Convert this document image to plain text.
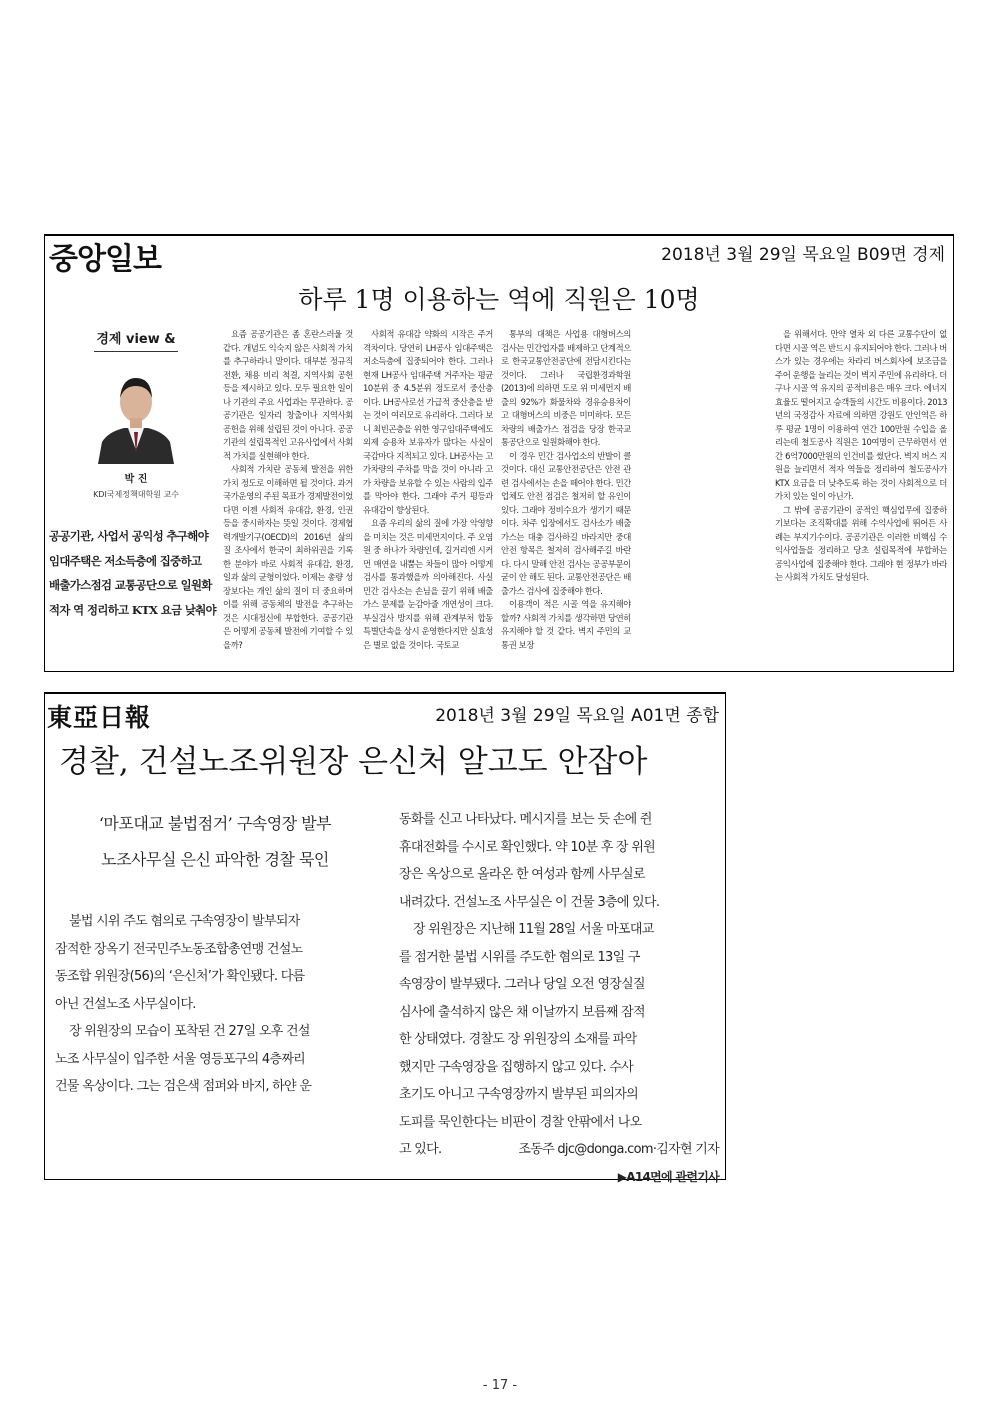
중앙일보	2018년 3월 29일 목요일 B09면 경제
하루 1명 이용하는 역에 직원은 10명
경제 view &
박 진
KDI국제정책대학원 교수
공공기관, 사업서 공익성 추구해야
임대주택은 저소득층에 집중하고
배출가스점검 교통공단으로 일원화
적자 역 정리하고 KTX 요금 낮춰야

요즘 공공기관은 좀 혼란스러울 것 같다. 개념도 익숙지 않은 사회적 가치를 추구하라니 말이다. 대부분 정규직 전환, 채용 비리 척결, 지역사회 공헌 등을 제시하고 있다. 모두 필요한 일이나 기관의 주요 사업과는 무관하다. 공공기관은 일자리 창출이나 지역사회 공헌을 위해 설립된 것이 아니다. 공공기관의 설립목적인 고유사업에서 사회적 가치를 실현해야 한다.

사회적 가치란 공동체 발전을 위한 가치 정도로 이해하면 될 것이다. 과거 국가운영의 주된 목표가 경제발전이었다면 이젠 사회적 유대감, 환경, 인권 등을 중시하자는 뜻일 것이다. 경제협력개발기구(OECD)의 2016년 삶의 질 조사에서 한국이 최하위권을 기록한 분야가 바로 사회적 유대감, 환경, 일과 삶의 균형이었다. 이제는 총량 성장보다는 개인 삶의 질이 더 중요하며 이를 위해 공동체의 발전을 추구하는 것은 시대정신에 부합한다. 공공기관은 어떻게 공동체 발전에 기여할 수 있을까?

사회적 유대감 약화의 시작은 주거격차이다. 당연히 LH공사 임대주택은 저소득층에 집중되어야 한다. 그러나 현재 LH공사 임대주택 거주자는 평균 10분위 중 4.5분위 정도로서 중산층이다. LH공사로선 가급적 중산층을 받는 것이 여러모로 유리하다. 그러다 보니 최빈곤층을 위한 영구임대주택에도 외제 승용차 보유자가 많다는 사실이 국감마다 지적되고 있다. LH공사는 고가차량의 주차를 막을 것이 아니라 고가 차량을 보유할 수 있는 사람의 입주를 막아야 한다. 그래야 주거 평등과 유대감이 향상된다.

요즘 우리의 삶의 질에 가장 악영향을 미치는 것은 미세먼지이다. 주 오염원 중 하나가 차량인데, 길거리엔 시커먼 매연을 내뿜는 차들이 많아 어떻게 검사를 통과했을까 의아해진다. 사실 민간 검사소는 손님을 끌기 위해 배출가스 문제를 눈감아줄 개연성이 크다. 부실검사 방지를 위해 관계부처 합동 특별단속을 상시 운영한다지만 실효성은 별로 없을 것이다. 국토교

통부의 대책은 사업용 대형버스의 검사는 민간업자를 배제하고 단계적으로 한국교통안전공단에 전담시킨다는 것이다. 그러나 국립환경과학원(2013)에 의하면 도로 위 미세먼지 배출의 92%가 화물차와 경유승용차이고 대형버스의 비중은 미미하다. 모든 차량의 배출가스 점검을 당장 한국교통공단으로 일원화해야 한다.

이 경우 민간 검사업소의 반발이 클 것이다. 대신 교통안전공단은 안전 관련 검사에서는 손을 떼어야 한다. 민간업체도 안전 점검은 철저히 할 유인이 있다. 그래야 정비수요가 생기기 때문이다. 차주 입장에서도 검사소가 배출가스는 대충 검사하길 바라지만 중대 안전 항목은 철저히 검사해주길 바란다. 다시 말해 안전 검사는 공공부문이 굳이 안 해도 된다. 교통안전공단은 배출가스 검사에 집중해야 한다.

이용객이 적은 시골 역을 유지해야 할까? 사회적 가치를 생각하면 당연히 유지해야 할 것 같다. 벽지 주민의 교통권 보장

을 위해서다. 만약 열차 외 다른 교통수단이 없다면 시골 역은 반드시 유지되어야 한다. 그러나 버스가 있는 경우에는 차라리 버스회사에 보조금을 주어 운행을 늘리는 것이 벽지 주민에 유리하다. 더구나 시골 역 유지의 공적비용은 매우 크다. 에너지 효율도 떨어지고 승객들의 시간도 비용이다. 2013년의 국정감사 자료에 의하면 강원도 안인역은 하루 평균 1명이 이용하여 연간 100만원 수입을 올리는데 철도공사 직원은 10여명이 근무하면서 연간 6억7000만원의 인건비를 썼단다. 벽지 버스 지원을 늘리면서 적자 역들을 정리하여 철도공사가 KTX 요금을 더 낮추도록 하는 것이 사회적으로 더 가치 있는 일이 아닌가.

그 밖에 공공기관이 공적인 핵심업무에 집중하기보다는 조직확대를 위해 수익사업에 뛰어든 사례는 부지기수이다. 공공기관은 이러한 비핵심 수익사업들을 정리하고 당초 설립목적에 부합하는 공익사업에 집중해야 한다. 그래야 현 정부가 바라는 사회적 가치도 달성된다.

東亞日報	2018년 3월 29일 목요일 A01면 종합
경찰, 건설노조위원장 은신처 알고도 안잡아
‘마포대교 불법점거’ 구속영장 발부
노조사무실 은신 파악한 경찰 묵인
불법 시위 주도 혐의로 구속영장이 발부되자
잠적한 장옥기 전국민주노동조합총연맹 건설노
동조합 위원장(56)의 ‘은신처’가 확인됐다. 다름
아닌 건설노조 사무실이다.
장 위원장의 모습이 포착된 건 27일 오후 건설
노조 사무실이 입주한 서울 영등포구의 4층짜리
건물 옥상이다. 그는 검은색 점퍼와 바지, 하얀 운
동화를 신고 나타났다. 메시지를 보는 듯 손에 쥔
휴대전화를 수시로 확인했다. 약 10분 후 장 위원
장은 옥상으로 올라온 한 여성과 함께 사무실로
내려갔다. 건설노조 사무실은 이 건물 3층에 있다.
장 위원장은 지난해 11월 28일 서울 마포대교
를 점거한 불법 시위를 주도한 혐의로 13일 구
속영장이 발부됐다. 그러나 당일 오전 영장실질
심사에 출석하지 않은 채 이날까지 보름째 잠적
한 상태였다. 경찰도 장 위원장의 소재를 파악
했지만 구속영장을 집행하지 않고 있다. 수사
초기도 아니고 구속영장까지 발부된 피의자의
도피를 묵인한다는 비판이 경찰 안팎에서 나오
고 있다.	조동주 djc@donga.com·김자현 기자
▶A14면에 관련기사
- 17 -
